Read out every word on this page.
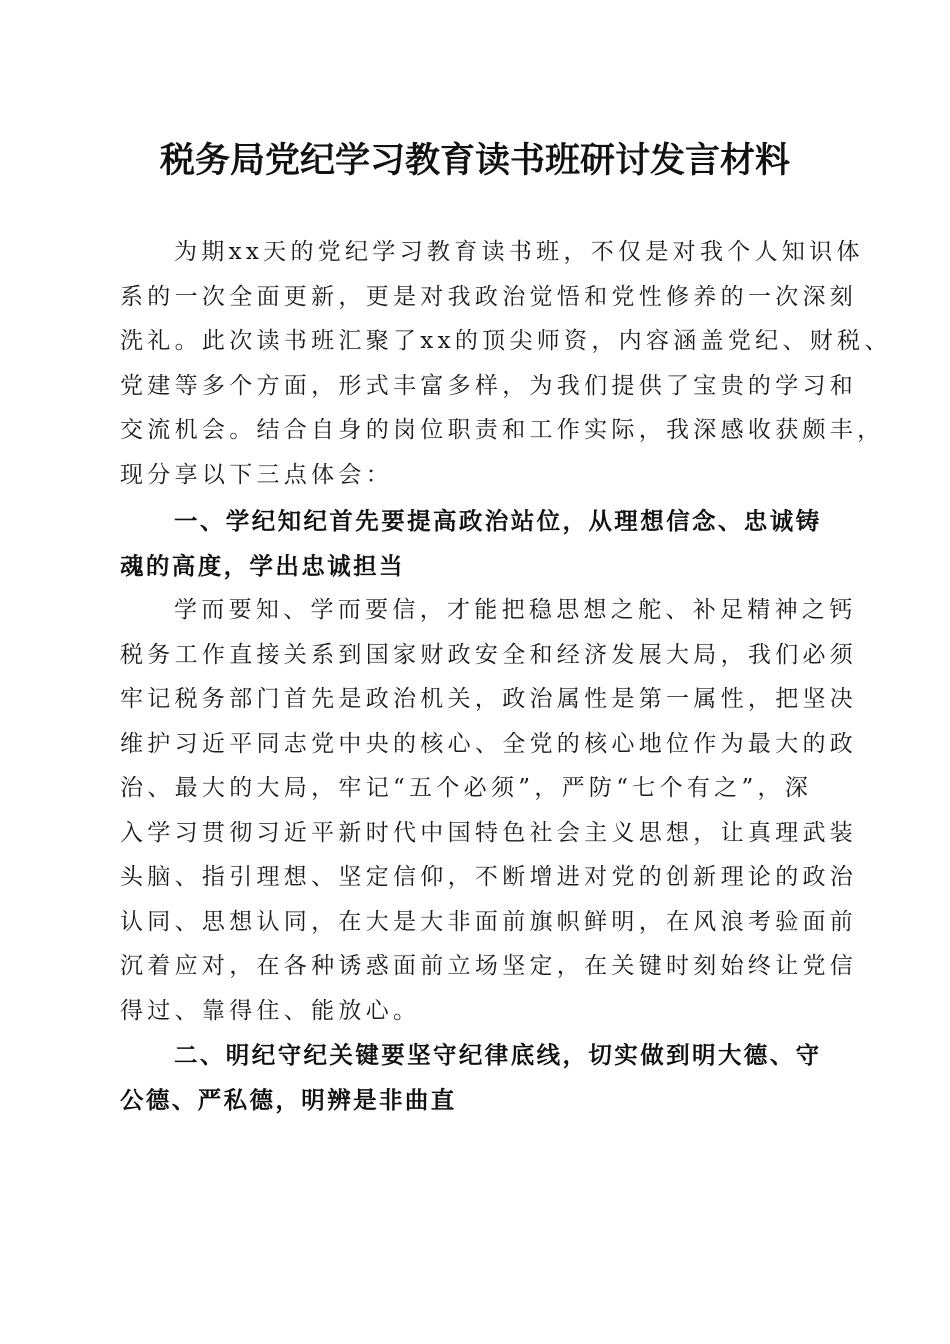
税务局党纪学习教育读书班研讨发言材料
为期xx天的党纪学习教育读书班，不仅是对我个人知识体
系的一次全面更新，更是对我政治觉悟和党性修养的一次深刻
洗礼。此次读书班汇聚了xx的顶尖师资，内容涵盖党纪、财税、
党建等多个方面，形式丰富多样，为我们提供了宝贵的学习和
交流机会。结合自身的岗位职责和工作实际，我深感收获颇丰，
现分享以下三点体会：
一、学纪知纪首先要提高政治站位，从理想信念、忠诚铸
魂的高度，学出忠诚担当
学而要知、学而要信，才能把稳思想之舵、补足精神之钙
税务工作直接关系到国家财政安全和经济发展大局，我们必须
牢记税务部门首先是政治机关，政治属性是第一属性，把坚决
维护习近平同志党中央的核心、全党的核心地位作为最大的政
治、最大的大局，牢记“五个必须”，严防“七个有之”，深
入学习贯彻习近平新时代中国特色社会主义思想，让真理武装
头脑、指引理想、坚定信仰，不断增进对党的创新理论的政治
认同、思想认同，在大是大非面前旗帜鲜明，在风浪考验面前
沉着应对，在各种诱惑面前立场坚定，在关键时刻始终让党信
得过、靠得住、能放心。
二、明纪守纪关键要坚守纪律底线，切实做到明大德、守
公德、严私德，明辨是非曲直
